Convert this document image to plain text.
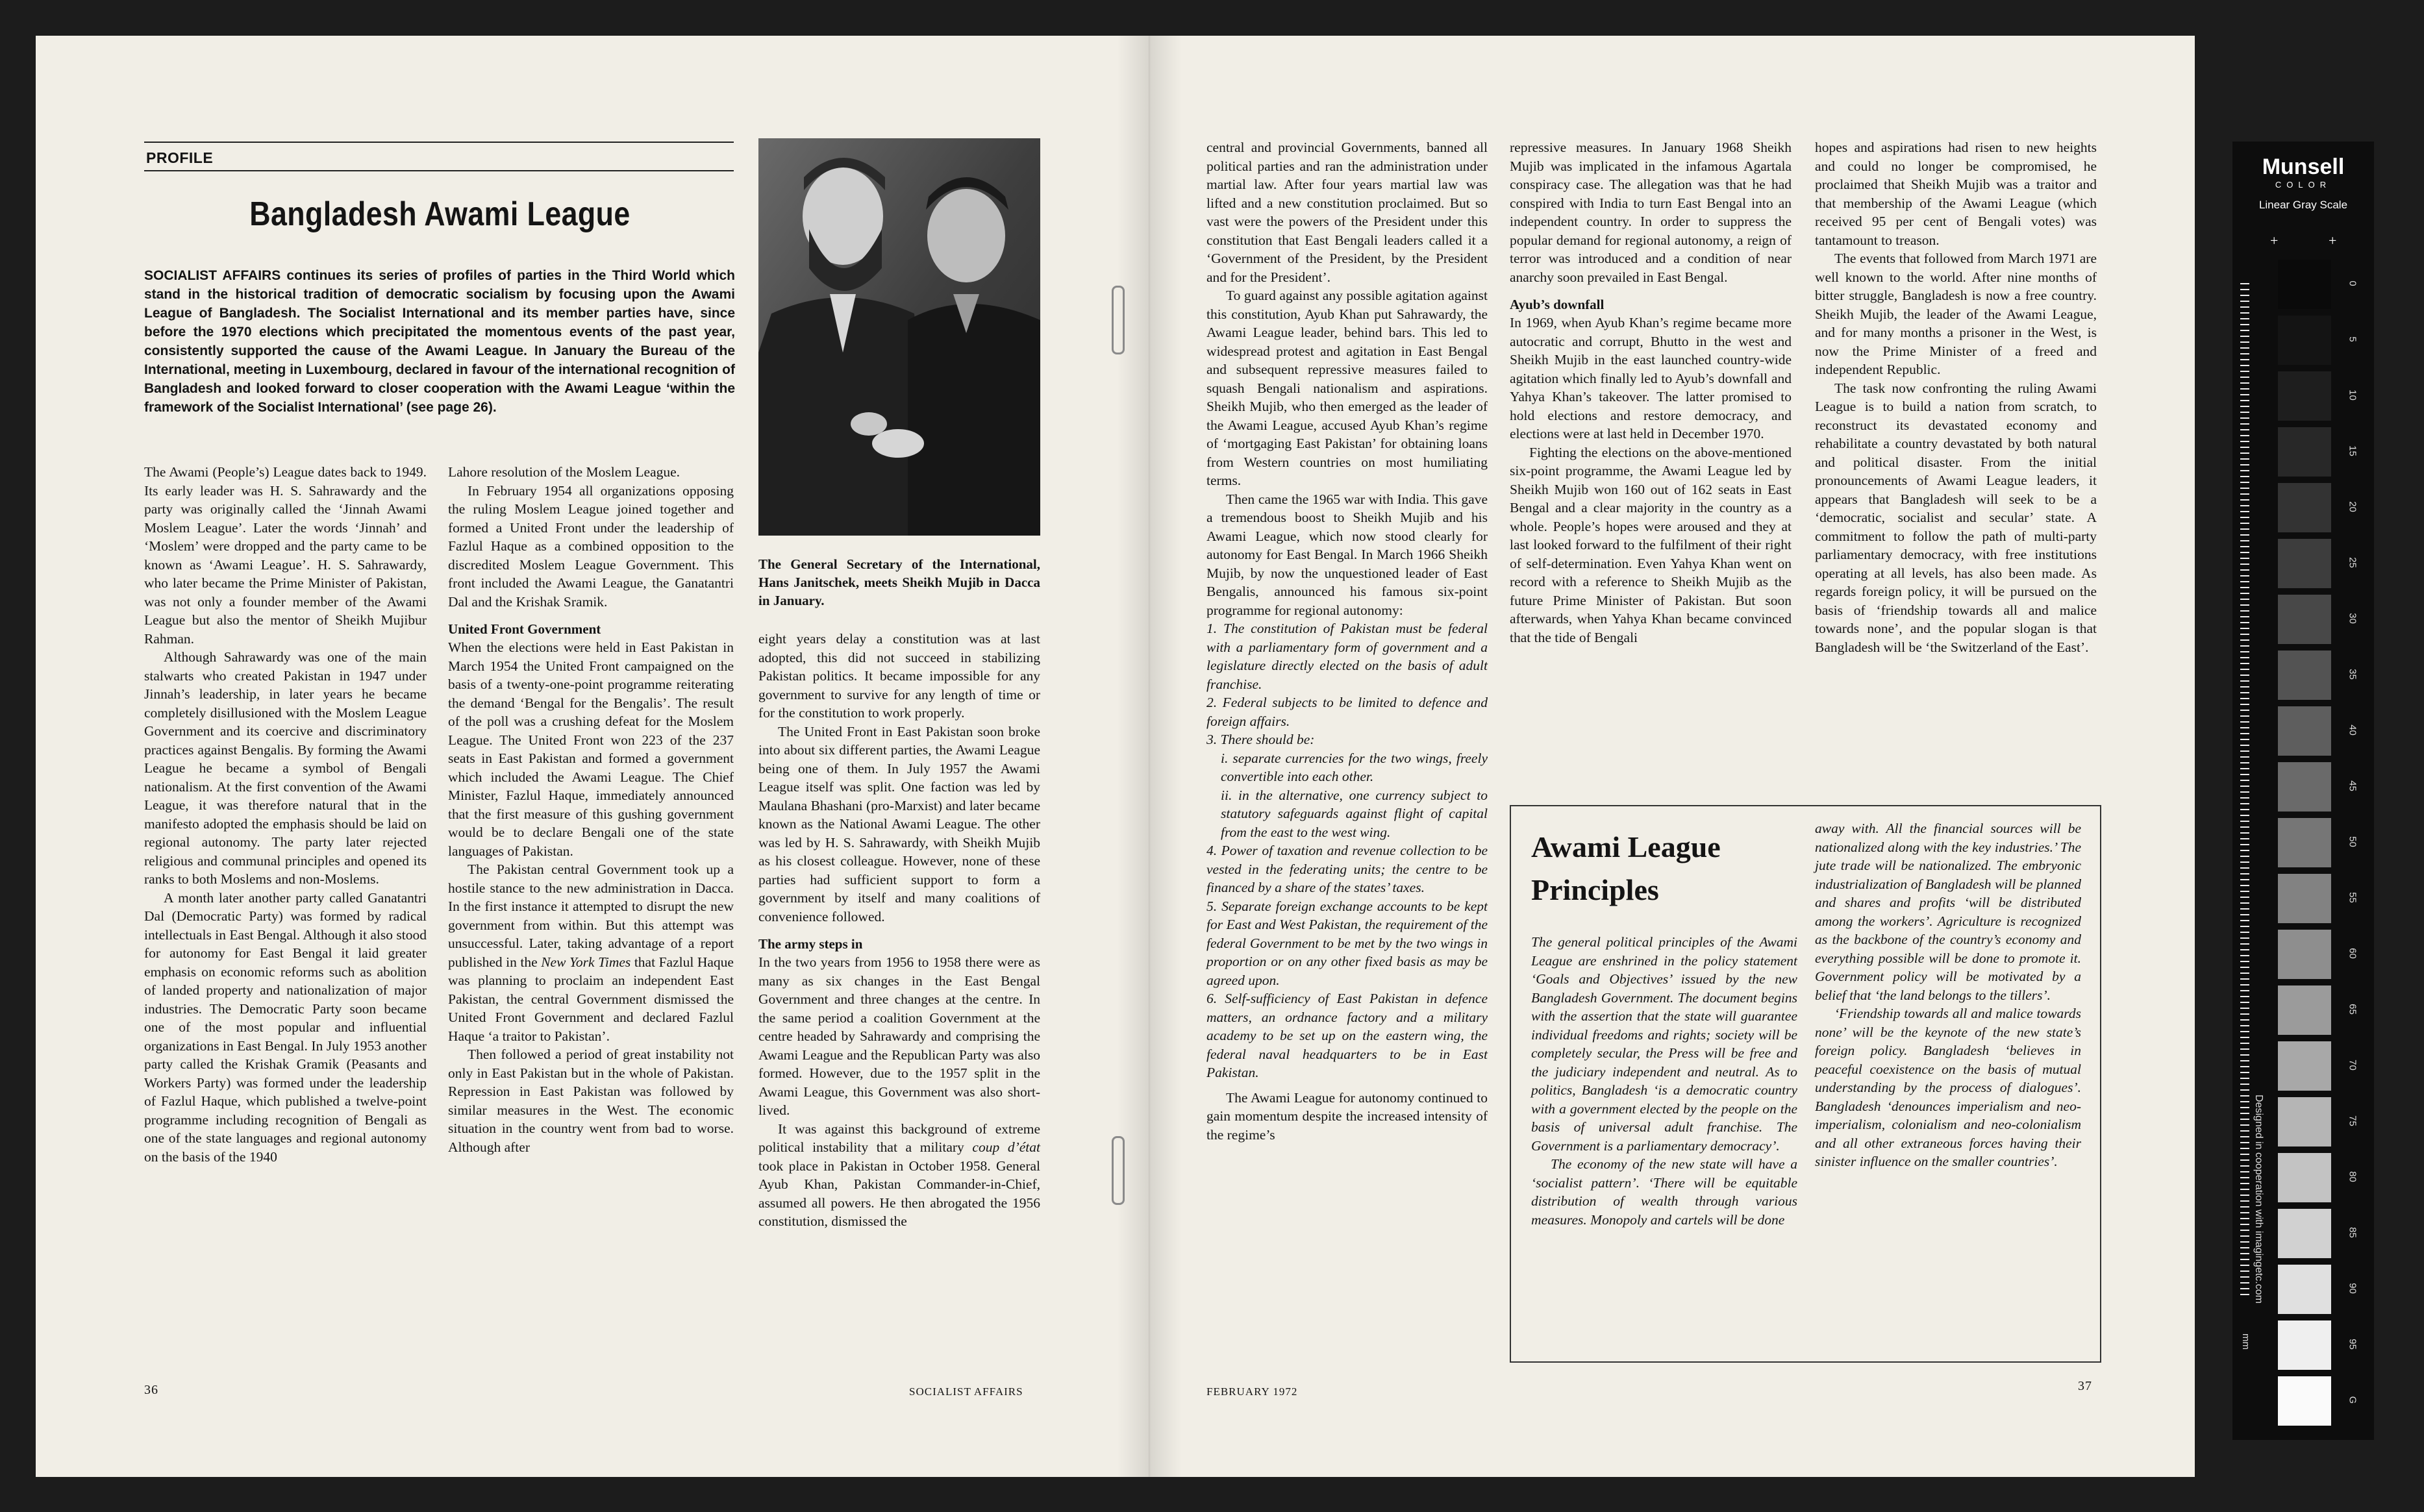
PROFILE
Bangladesh Awami League
SOCIALIST AFFAIRS continues its series of profiles of parties in the Third World which stand in the historical tradition of democratic socialism by focusing upon the Awami League of Bangladesh. The Socialist International and its member parties have, since before the 1970 elections which precipitated the momentous events of the past year, consistently supported the cause of the Awami League. In January the Bureau of the International, meeting in Luxembourg, declared in favour of the international recognition of Bangladesh and looked forward to closer cooperation with the Awami League ‘within the framework of the Socialist International’ (see page 26).

The Awami (People’s) League dates back to 1949. Its early leader was H. S. Sahrawardy and the party was originally called the ‘Jinnah Awami Moslem League’. Later the words ‘Jinnah’ and ‘Moslem’ were dropped and the party came to be known as ‘Awami League’. H. S. Sahrawardy, who later became the Prime Minister of Pakistan, was not only a founder member of the Awami League but also the mentor of Sheikh Mujibur Rahman.

Although Sahrawardy was one of the main stalwarts who created Pakistan in 1947 under Jinnah’s leadership, in later years he became completely disillusioned with the Moslem League Government and its coercive and discriminatory practices against Bengalis. By forming the Awami League he became a symbol of Bengali nationalism. At the first convention of the Awami League, it was therefore natural that in the manifesto adopted the emphasis should be laid on regional autonomy. The party later rejected religious and communal principles and opened its ranks to both Moslems and non-Moslems.

A month later another party called Ganatantri Dal (Democratic Party) was formed by radical intellectuals in East Bengal. Although it also stood for autonomy for East Bengal it laid greater emphasis on economic reforms such as abolition of landed property and nationalization of major industries. The Democratic Party soon became one of the most popular and influential organizations in East Bengal. In July 1953 another party called the Krishak Gramik (Peasants and Workers Party) was formed under the leadership of Fazlul Haque, which published a twelve-point programme including recognition of Bengali as one of the state languages and regional autonomy on the basis of the 1940

Lahore resolution of the Moslem League.

In February 1954 all organizations opposing the ruling Moslem League joined together and formed a United Front under the leadership of Fazlul Haque as a combined opposition to the discredited Moslem League Government. This front included the Awami League, the Ganatantri Dal and the Krishak Sramik.

United Front Government

When the elections were held in East Pakistan in March 1954 the United Front campaigned on the basis of a twenty-one-point programme reiterating the demand ‘Bengal for the Bengalis’. The result of the poll was a crushing defeat for the Moslem League. The United Front won 223 of the 237 seats in East Pakistan and formed a government which included the Awami League. The Chief Minister, Fazlul Haque, immediately announced that the first measure of this gushing government would be to declare Bengali one of the state languages of Pakistan.

The Pakistan central Government took up a hostile stance to the new administration in Dacca. In the first instance it attempted to disrupt the new government from within. But this attempt was unsuccessful. Later, taking advantage of a report published in the New York Times that Fazlul Haque was planning to proclaim an independent East Pakistan, the central Government dismissed the United Front Government and declared Fazlul Haque ‘a traitor to Pakistan’.

Then followed a period of great instability not only in East Pakistan but in the whole of Pakistan. Repression in East Pakistan was followed by similar measures in the West. The economic situation in the country went from bad to worse. Although after

The General Secretary of the International, Hans Janitschek, meets Sheikh Mujib in Dacca in January.

eight years delay a constitution was at last adopted, this did not succeed in stabilizing Pakistan politics. It became impossible for any government to survive for any length of time or for the constitution to work properly.

The United Front in East Pakistan soon broke into about six different parties, the Awami League being one of them. In July 1957 the Awami League itself was split. One faction was led by Maulana Bhashani (pro-Marxist) and later became known as the National Awami League. The other was led by H. S. Sahrawardy, with Sheikh Mujib as his closest colleague. However, none of these parties had sufficient support to form a government by itself and many coalitions of convenience followed.

The army steps in

In the two years from 1956 to 1958 there were as many as six changes in the East Bengal Government and three changes at the centre. In the same period a coalition Government at the centre headed by Sahrawardy and comprising the Awami League and the Republican Party was also formed. However, due to the 1957 split in the Awami League, this Government was also short-lived.

It was against this background of extreme political instability that a military coup d’état took place in Pakistan in October 1958. General Ayub Khan, Pakistan Commander-in-Chief, assumed all powers. He then abrogated the 1956 constitution, dismissed the

36	SOCIALIST AFFAIRS

central and provincial Governments, banned all political parties and ran the administration under martial law. After four years martial law was lifted and a new constitution proclaimed. But so vast were the powers of the President under this constitution that East Bengali leaders called it a ‘Government of the President, by the President and for the President’.

To guard against any possible agitation against this constitution, Ayub Khan put Sahrawardy, the Awami League leader, behind bars. This led to widespread protest and agitation in East Bengal and subsequent repressive measures failed to squash Bengali nationalism and aspirations. Sheikh Mujib, who then emerged as the leader of the Awami League, accused Ayub Khan’s regime of ‘mortgaging East Pakistan’ for obtaining loans from Western countries on most humiliating terms.

Then came the 1965 war with India. This gave a tremendous boost to Sheikh Mujib and his Awami League, which now stood clearly for autonomy for East Bengal. In March 1966 Sheikh Mujib, by now the unquestioned leader of East Bengalis, announced his famous six-point programme for regional autonomy:

1. The constitution of Pakistan must be federal with a parliamentary form of government and a legislature directly elected on the basis of adult franchise.

2. Federal subjects to be limited to defence and foreign affairs.

3. There should be:

i. separate currencies for the two wings, freely convertible into each other.

ii. in the alternative, one currency subject to statutory safeguards against flight of capital from the east to the west wing.

4. Power of taxation and revenue collection to be vested in the federating units; the centre to be financed by a share of the states’ taxes.

5. Separate foreign exchange accounts to be kept for East and West Pakistan, the requirement of the federal Government to be met by the two wings in proportion or on any other fixed basis as may be agreed upon.

6. Self-sufficiency of East Pakistan in defence matters, an ordnance factory and a military academy to be set up on the eastern wing, the federal naval headquarters to be in East Pakistan.

The Awami League for autonomy continued to gain momentum despite the increased intensity of the regime’s

repressive measures. In January 1968 Sheikh Mujib was implicated in the infamous Agartala conspiracy case. The allegation was that he had conspired with India to turn East Bengal into an independent country. In order to suppress the popular demand for regional autonomy, a reign of terror was introduced and a condition of near anarchy soon prevailed in East Bengal.

Ayub’s downfall

In 1969, when Ayub Khan’s regime became more autocratic and corrupt, Bhutto in the west and Sheikh Mujib in the east launched country-wide agitation which finally led to Ayub’s downfall and Yahya Khan’s takeover. The latter promised to hold elections and restore democracy, and elections were at last held in December 1970.

Fighting the elections on the above-mentioned six-point programme, the Awami League led by Sheikh Mujib won 160 out of 162 seats in East Bengal and a clear majority in the country as a whole. People’s hopes were aroused and they at last looked forward to the fulfilment of their right of self-determination. Even Yahya Khan went on record with a reference to Sheikh Mujib as the future Prime Minister of Pakistan. But soon afterwards, when Yahya Khan became convinced that the tide of Bengali

hopes and aspirations had risen to new heights and could no longer be compromised, he proclaimed that Sheikh Mujib was a traitor and that membership of the Awami League (which received 95 per cent of Bengali votes) was tantamount to treason.

The events that followed from March 1971 are well known to the world. After nine months of bitter struggle, Bangladesh is now a free country. Sheikh Mujib, the leader of the Awami League, and for many months a prisoner in the West, is now the Prime Minister of a freed and independent Republic.

The task now confronting the ruling Awami League is to build a nation from scratch, to reconstruct its devastated economy and rehabilitate a country devastated by both natural and political disaster. From the initial pronouncements of Awami League leaders, it appears that Bangladesh will seek to be a ‘democratic, socialist and secular’ state. A commitment to follow the path of multi-party parliamentary democracy, with free institutions operating at all levels, has also been made. As regards foreign policy, it will be pursued on the basis of ‘friendship towards all and malice towards none’, and the popular slogan is that Bangladesh will be ‘the Switzerland of the East’.

Awami League Principles

The general political principles of the Awami League are enshrined in the policy statement ‘Goals and Objectives’ issued by the new Bangladesh Government. The document begins with the assertion that the state will guarantee individual freedoms and rights; society will be completely secular, the Press will be free and the judiciary independent and neutral. As to politics, Bangladesh ‘is a democratic country with a government elected by the people on the basis of universal adult franchise. The Government is a parliamentary democracy’.

The economy of the new state will have a ‘socialist pattern’. ‘There will be equitable distribution of wealth through various measures. Monopoly and cartels will be done

away with. All the financial sources will be nationalized along with the key industries.’ The jute trade will be nationalized. The embryonic industrialization of Bangladesh will be planned and shares and profits ‘will be distributed among the workers’. Agriculture is recognized as the backbone of the country’s economy and everything possible will be done to promote it. Government policy will be motivated by a belief that ‘the land belongs to the tillers’.

‘Friendship towards all and malice towards none’ will be the keynote of the new state’s foreign policy. Bangladesh ‘believes in peaceful coexistence on the basis of mutual understanding by the process of dialogues’. Bangladesh ‘denounces imperialism and neo-imperialism, colonialism and neo-colonialism and all other extraneous forces having their sinister influence on the smaller countries’.

FEBRUARY 1972	37
Munsell
COLOR
Linear Gray Scale
+	+
mm
Designed in cooperation with imagingetc.com
0
5
10
15
20
25
30
35
40
45
50
55
60
65
70
75
80
85
90
95
G
